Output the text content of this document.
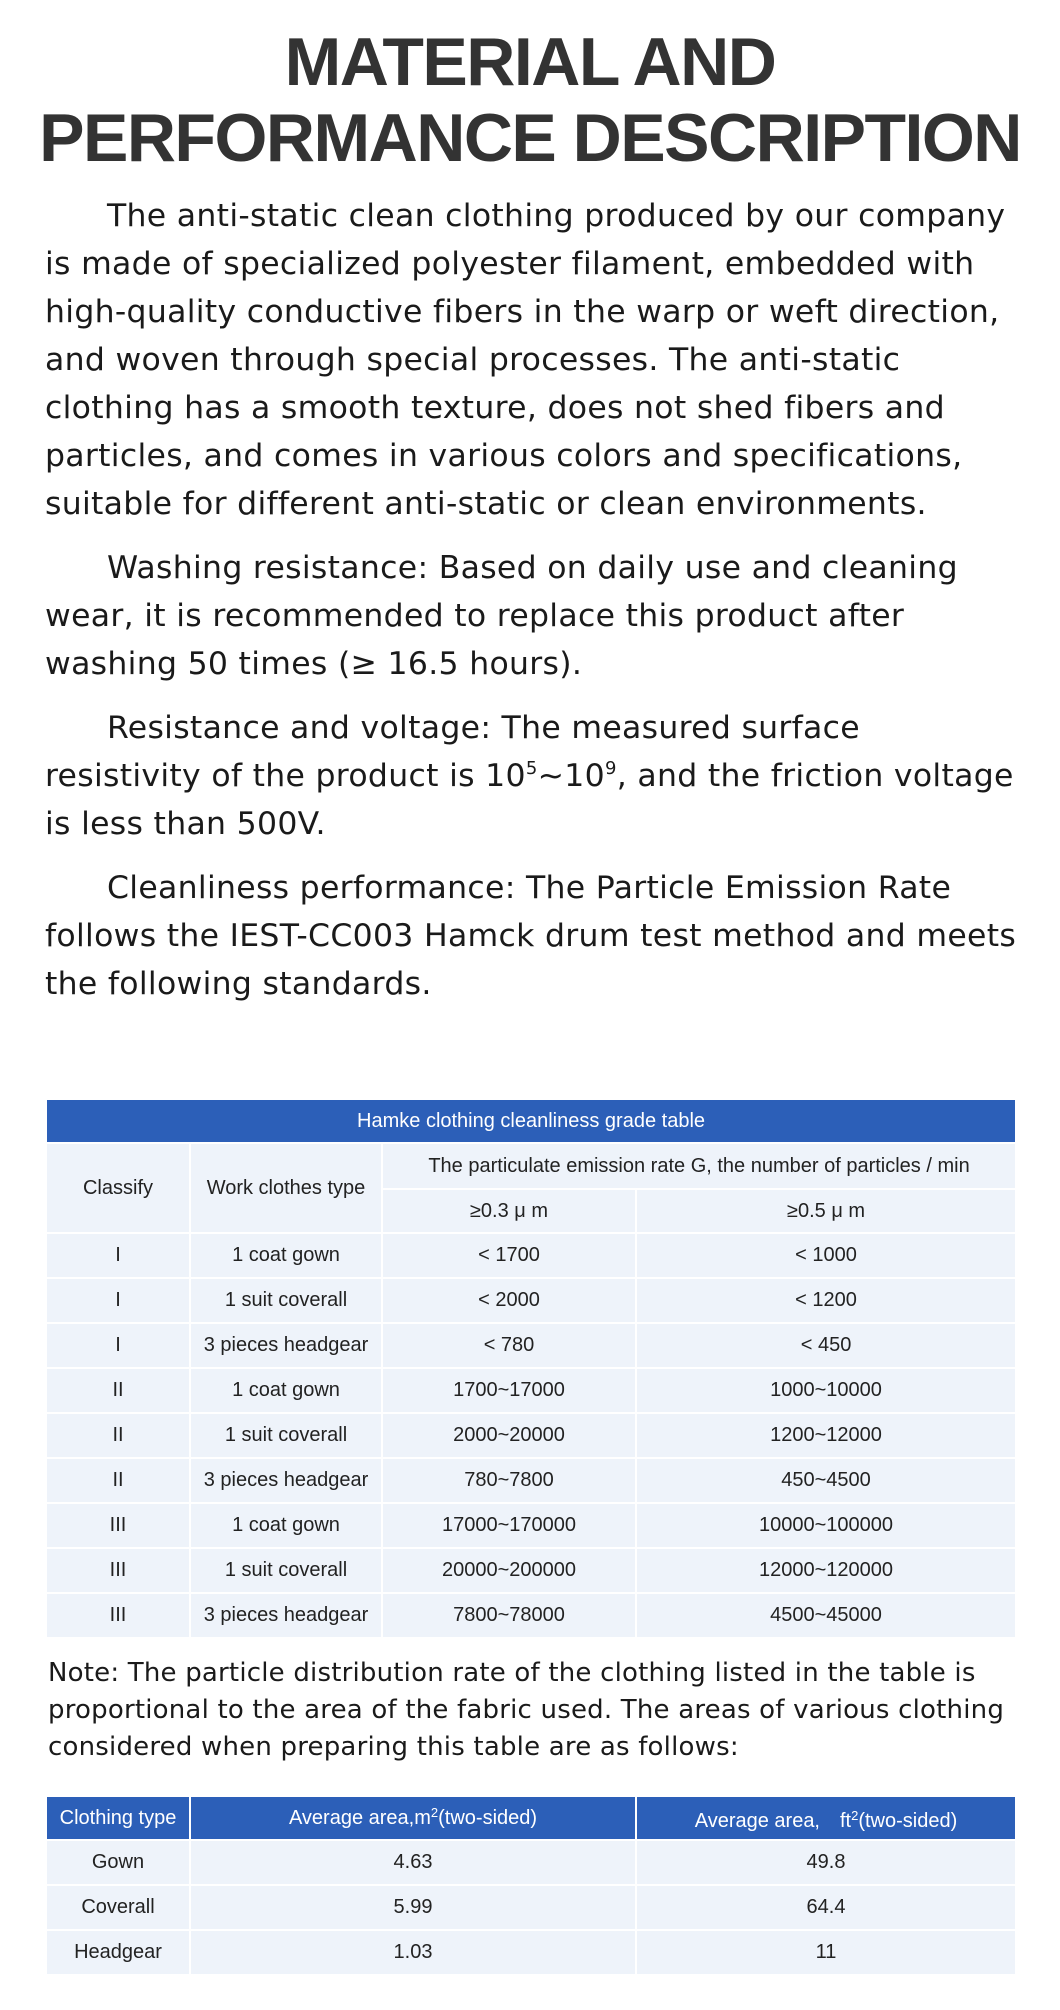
MATERIAL AND
PERFORMANCE DESCRIPTION

The anti-static clean clothing produced by our company is made of specialized polyester filament, embedded with high-quality conductive fibers in the warp or weft direction, and woven through special processes. The anti-static clothing has a smooth texture, does not shed fibers and particles, and comes in various colors and specifications, suitable for different anti-static or clean environments.

Washing resistance: Based on daily use and cleaning wear, it is recommended to replace this product after washing 50 times (≥ 16.5 hours).

Resistance and voltage: The measured surface resistivity of the product is $10^5\sim 10^9$, and the friction voltage is less than 500V.

Cleanliness performance: The Particle Emission Rate follows the IEST-CC003 Hamck drum test method and meets the following standards.

Hamke clothing cleanliness grade table			
Classify	Work clothes type	The particulate emission rate G, the number of particles / min	
		≥0.3 μ m	≥0.5 μ m
I	1 coat gown	< 1700	< 1000
I	1 suit coverall	< 2000	< 1200
I	3 pieces headgear	< 780	< 450
II	1 coat gown	1700~17000	1000~10000
II	1 suit coverall	2000~20000	1200~12000
II	3 pieces headgear	780~7800	450~4500
III	1 coat gown	17000~170000	10000~100000
III	1 suit coverall	20000~200000	12000~120000
III	3 pieces headgear	7800~78000	4500~45000

Note: The particle distribution rate of the clothing listed in the table is proportional to the area of the fabric used. The areas of various clothing considered when preparing this table are as follows:

Clothing type	Average $area,m^2(two-sided)$	Average area,　$ft^2(two-sided)$
Gown	4.63	49.8
Coverall	5.99	64.4
Headgear	1.03	11
